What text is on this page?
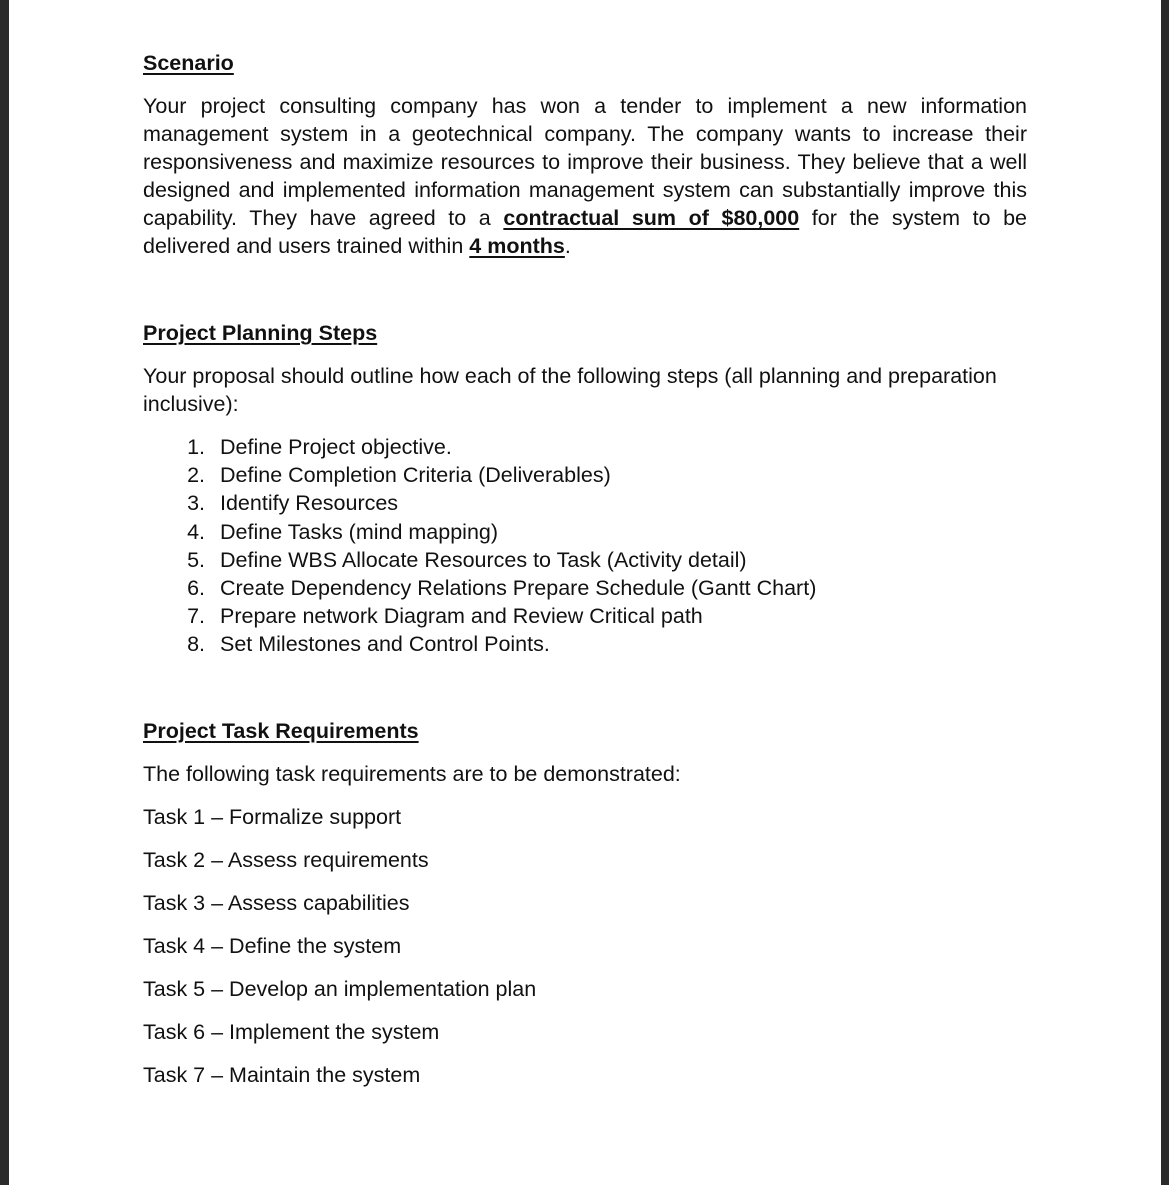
Scenario

Your project consulting company has won a tender to implement a new information management system in a geotechnical company. The company wants to increase their responsiveness and maximize resources to improve their business. They believe that a well designed and implemented information management system can substantially improve this capability. They have agreed to a contractual sum of $80,000 for the system to be delivered and users trained within 4 months.

Project Planning Steps

Your proposal should outline how each of the following steps (all planning and preparation inclusive):

1. Define Project objective.
2. Define Completion Criteria (Deliverables)
3. Identify Resources
4. Define Tasks (mind mapping)
5. Define WBS Allocate Resources to Task (Activity detail)
6. Create Dependency Relations Prepare Schedule (Gantt Chart)
7. Prepare network Diagram and Review Critical path
8. Set Milestones and Control Points.

Project Task Requirements

The following task requirements are to be demonstrated:

Task 1 – Formalize support

Task 2 – Assess requirements

Task 3 – Assess capabilities

Task 4 – Define the system

Task 5 – Develop an implementation plan

Task 6 – Implement the system

Task 7 – Maintain the system
